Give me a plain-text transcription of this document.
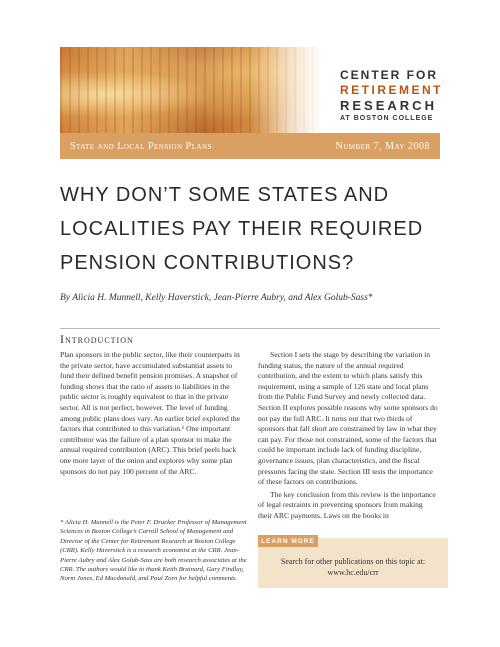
CENTER FOR
RETIREMENT
RESEARCH
AT BOSTON COLLEGE
State and Local Pension Plans	Number 7, May 2008
WHY DON’T SOME STATES AND
LOCALITIES PAY THEIR REQUIRED
PENSION CONTRIBUTIONS?
By Alicia H. Munnell, Kelly Haverstick, Jean-Pierre Aubry, and Alex Golub-Sass*
Introduction

Plan sponsors in the public sector, like their counterparts in the private sector, have accumulated substantial assets to fund their defined benefit pension promises. A snapshot of funding shows that the ratio of assets to liabilities in the public sector is roughly equivalent to that in the private sector. All is not perfect, however. The level of funding among public plans does vary. An earlier brief explored the factors that contributed to this variation.¹ One important contributor was the failure of a plan sponsor to make the annual required contribution (ARC). This brief peels back one more layer of the onion and explores why some plan sponsors do not pay 100 percent of the ARC.

Section I sets the stage by describing the variation in funding status, the nature of the annual required contribution, and the extent to which plans satisfy this requirement, using a sample of 126 state and local plans from the Public Fund Survey and newly collected data. Section II explores possible reasons why some sponsors do not pay the full ARC. It turns out that two thirds of sponsors that fall short are constrained by law in what they can pay. For those not constrained, some of the factors that could be important include lack of funding discipline, governance issues, plan characteristics, and the fiscal pressures facing the state. Section III tests the importance of these factors on contributions.

The key conclusion from this review is the importance of legal restraints in preventing sponsors from making their ARC payments. Laws on the books in

* Alicia H. Munnell is the Peter F. Drucker Professor of Management Sciences in Boston College’s Carroll School of Management and Director of the Center for Retirement Research at Boston College (CRR). Kelly Haverstick is a research economist at the CRR. Jean-Pierre Aubry and Alex Golub-Sass are both research associates at the CRR. The authors would like to thank Keith Brainard, Gary Findlay, Norm Jones, Ed Macdonald, and Paul Zorn for helpful comments.
LEARN MORE
Search for other publications on this topic at:
www.bc.edu/crr
